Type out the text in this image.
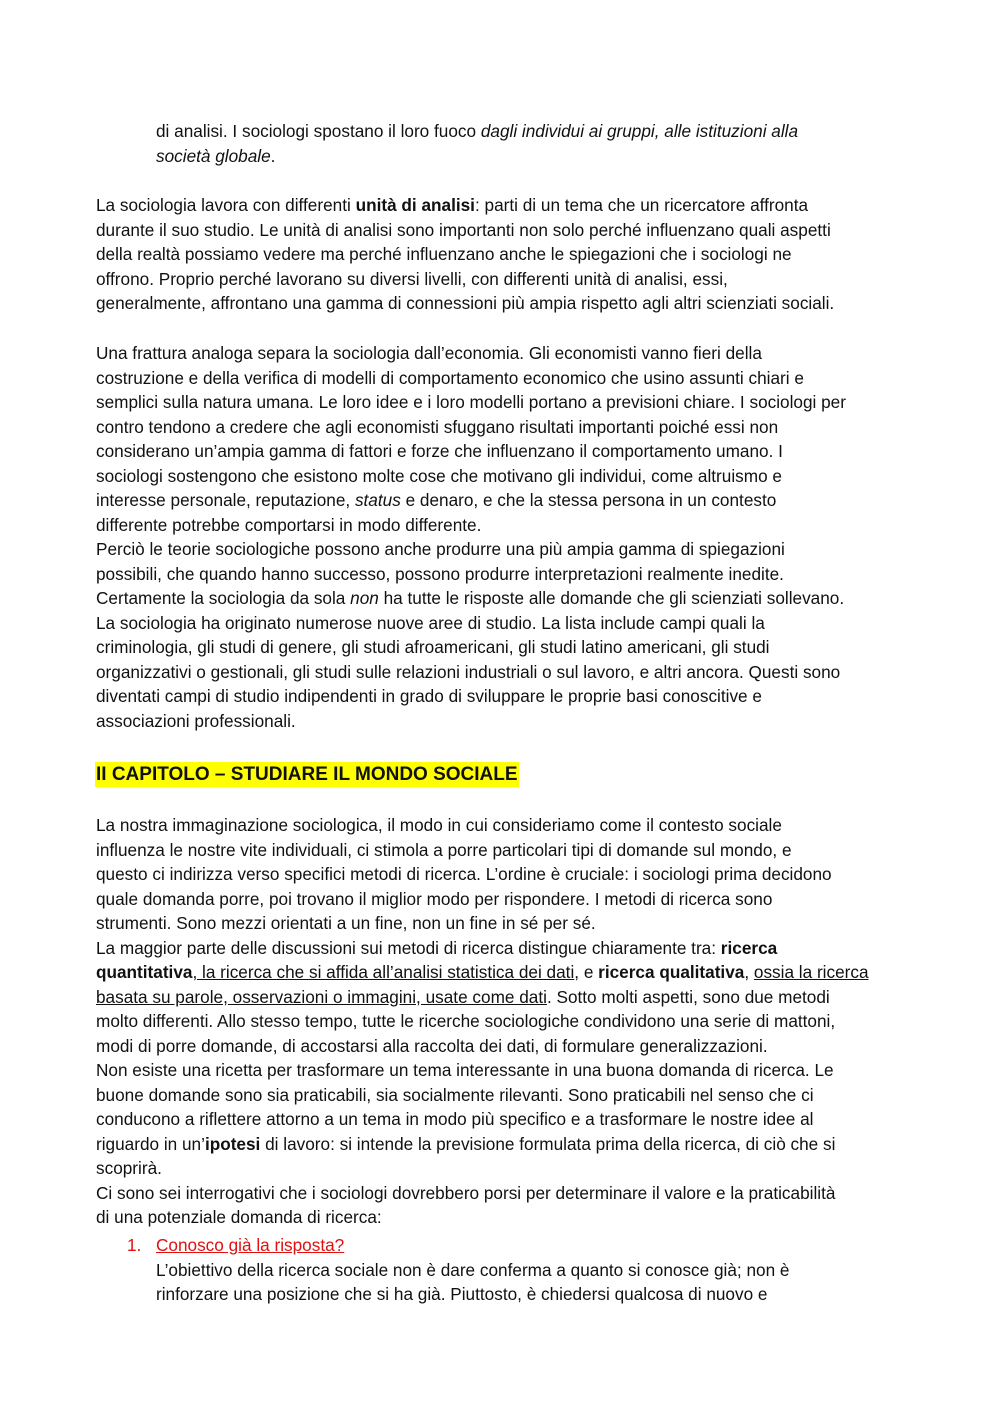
di analisi. I sociologi spostano il loro fuoco dagli individui ai gruppi, alle istituzioni alla
società globale.

La sociologia lavora con differenti unità di analisi: parti di un tema che un ricercatore affronta
durante il suo studio. Le unità di analisi sono importanti non solo perché influenzano quali aspetti
della realtà possiamo vedere ma perché influenzano anche le spiegazioni che i sociologi ne
offrono. Proprio perché lavorano su diversi livelli, con differenti unità di analisi, essi,
generalmente, affrontano una gamma di connessioni più ampia rispetto agli altri scienziati sociali.

Una frattura analoga separa la sociologia dall’economia. Gli economisti vanno fieri della
costruzione e della verifica di modelli di comportamento economico che usino assunti chiari e
semplici sulla natura umana. Le loro idee e i loro modelli portano a previsioni chiare. I sociologi per
contro tendono a credere che agli economisti sfuggano risultati importanti poiché essi non
considerano un’ampia gamma di fattori e forze che influenzano il comportamento umano. I
sociologi sostengono che esistono molte cose che motivano gli individui, come altruismo e
interesse personale, reputazione, status e denaro, e che la stessa persona in un contesto
differente potrebbe comportarsi in modo differente.
Perciò le teorie sociologiche possono anche produrre una più ampia gamma di spiegazioni
possibili, che quando hanno successo, possono produrre interpretazioni realmente inedite.
Certamente la sociologia da sola non ha tutte le risposte alle domande che gli scienziati sollevano.
La sociologia ha originato numerose nuove aree di studio. La lista include campi quali la
criminologia, gli studi di genere, gli studi afroamericani, gli studi latino americani, gli studi
organizzativi o gestionali, gli studi sulle relazioni industriali o sul lavoro, e altri ancora. Questi sono
diventati campi di studio indipendenti in grado di sviluppare le proprie basi conoscitive e
associazioni professionali.

II CAPITOLO – STUDIARE IL MONDO SOCIALE

La nostra immaginazione sociologica, il modo in cui consideriamo come il contesto sociale
influenza le nostre vite individuali, ci stimola a porre particolari tipi di domande sul mondo, e
questo ci indirizza verso specifici metodi di ricerca. L’ordine è cruciale: i sociologi prima decidono
quale domanda porre, poi trovano il miglior modo per rispondere. I metodi di ricerca sono
strumenti. Sono mezzi orientati a un fine, non un fine in sé per sé.
La maggior parte delle discussioni sui metodi di ricerca distingue chiaramente tra: ricerca
quantitativa, la ricerca che si affida all’analisi statistica dei dati, e ricerca qualitativa, ossia la ricerca
basata su parole, osservazioni o immagini, usate come dati. Sotto molti aspetti, sono due metodi
molto differenti. Allo stesso tempo, tutte le ricerche sociologiche condividono una serie di mattoni,
modi di porre domande, di accostarsi alla raccolta dei dati, di formulare generalizzazioni.
Non esiste una ricetta per trasformare un tema interessante in una buona domanda di ricerca. Le
buone domande sono sia praticabili, sia socialmente rilevanti. Sono praticabili nel senso che ci
conducono a riflettere attorno a un tema in modo più specifico e a trasformare le nostre idee al
riguardo in un’ipotesi di lavoro: si intende la previsione formulata prima della ricerca, di ciò che si
scoprirà.
Ci sono sei interrogativi che i sociologi dovrebbero porsi per determinare il valore e la praticabilità
di una potenziale domanda di ricerca:

1. Conosco già la risposta?
L’obiettivo della ricerca sociale non è dare conferma a quanto si conosce già; non è
rinforzare una posizione che si ha già. Piuttosto, è chiedersi qualcosa di nuovo e
